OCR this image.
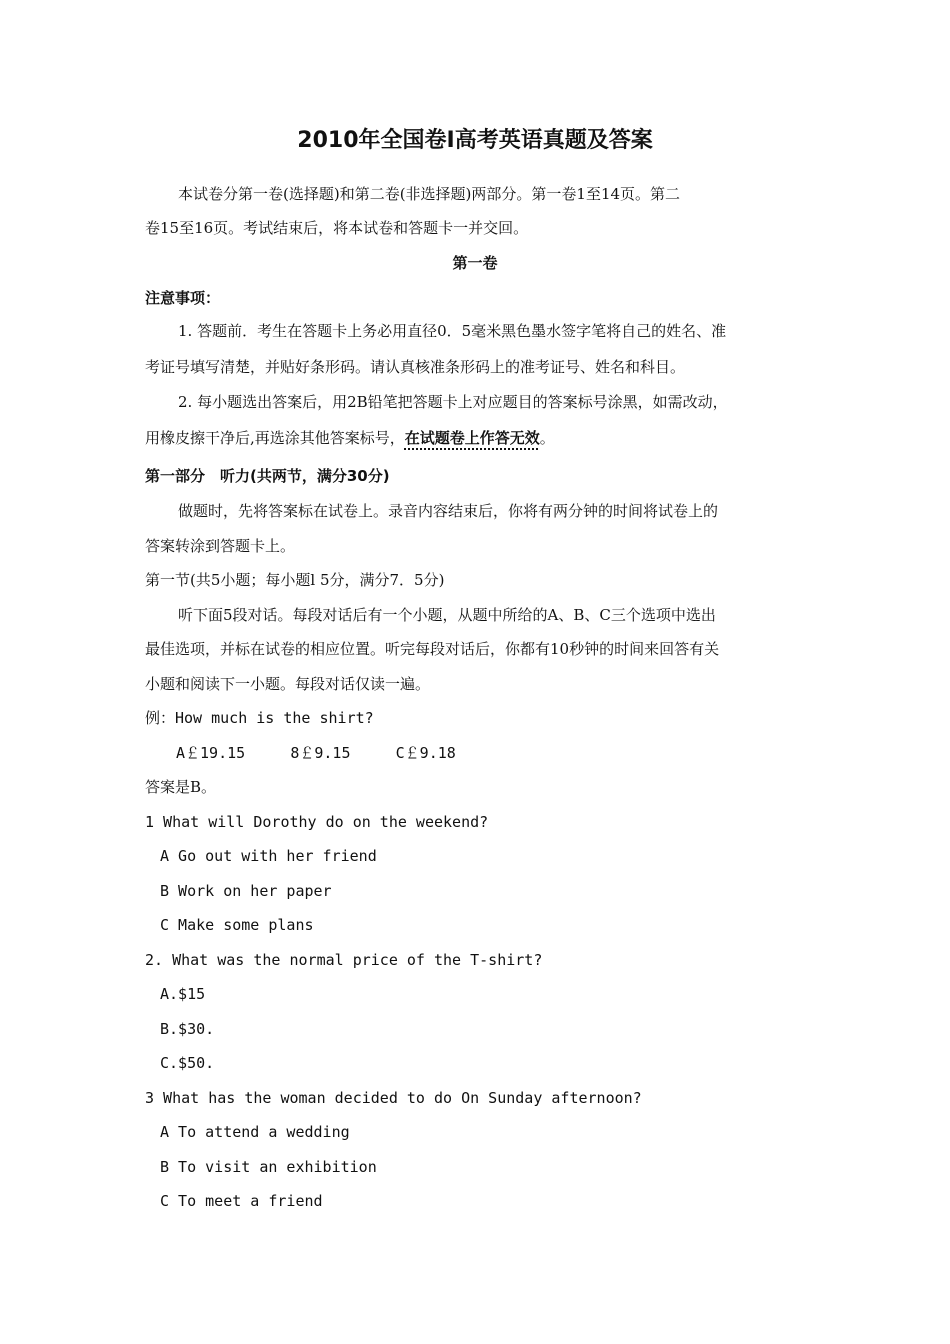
2010年全国卷Ⅰ高考英语真题及答案
本试卷分第一卷(选择题)和第二卷(非选择题)两部分。第一卷1至14页。第二
卷15至16页。考试结束后，将本试卷和答题卡一并交回。
第一卷
注意事项：
1. 答题前．考生在答题卡上务必用直径0．5毫米黑色墨水签字笔将自己的姓名、准
考证号填写清楚，并贴好条形码。请认真核准条形码上的准考证号、姓名和科目。
2. 每小题选出答案后，用2B铅笔把答题卡上对应题目的答案标号涂黑，如需改动，
用橡皮擦干净后,再选涂其他答案标号，在试题卷上作答无效。
第一部分　听力(共两节，满分30分)
做题时，先将答案标在试卷上。录音内容结束后，你将有两分钟的时间将试卷上的
答案转涂到答题卡上。
第一节(共5小题；每小题l 5分，满分7．5分)
听下面5段对话。每段对话后有一个小题，从题中所给的A、B、C三个选项中选出
最佳选项，并标在试卷的相应位置。听完每段对话后，你都有10秒钟的时间来回答有关
小题和阅读下一小题。每段对话仅读一遍。
例：How much is the shirt?
A￡19.15     8￡9.15     C￡9.18
答案是B。
1 What will Dorothy do on the weekend?
A Go out with her friend
B Work on her paper
C Make some plans
2. What was the normal price of the T-shirt?
A.$15
B.$30.
C.$50.
3 What has the woman decided to do On Sunday afternoon?
A To attend a wedding
B To visit an exhibition
C To meet a friend
